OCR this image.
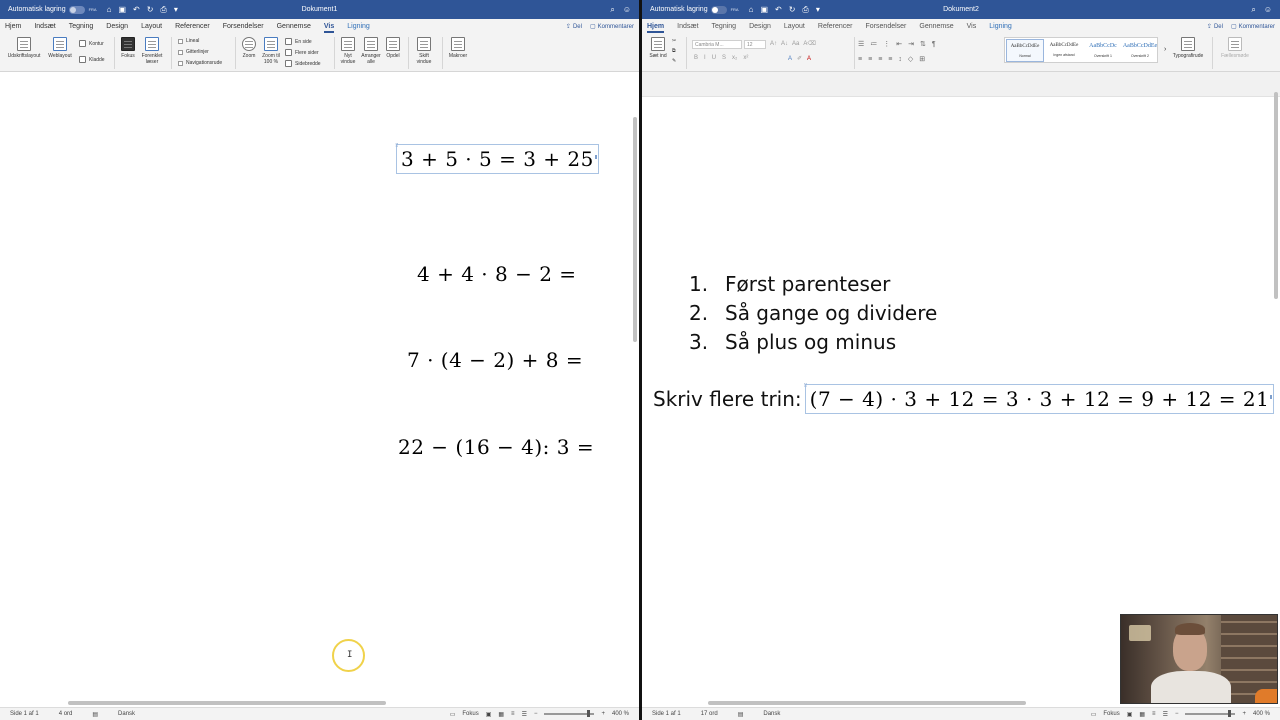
Automatisk lagring	FRA ⌂ ▣ ↶ ↻ ⎙ ▾	Dokument1	⌕ ☺
Hjem Indsæt Tegning Design Layout Referencer Forsendelser Gennemse Vis Ligning	⇪ Del ▢ Kommentarer
Udskriftslayout Weblayout
Kontur
Kladde
Fokus	Forenklet læser
Lineal
Gitterlinjer
Navigationsrude
Zoom	Zoom til 100 %
En side
Flere sider
Sidebredde
Nyt vindue
Arranger alle
Opdel	Skift vindue
Makroer
⠿
3 + 5 · 5 = 3 + 25
4 + 4 · 8 − 2 =
7 · (4 − 2) + 8 =
22 − (16 − 4): 3 =
Side 1 af 1	4 ord	▤	Dansk	▭ Fokus ▣ ▦ ≡ ☰ −	+ 400 %
I
Automatisk lagring	FRA ⌂ ▣ ↶ ↻ ⎙ ▾	Dokument2	⌕ ☺
Hjem Indsæt Tegning Design Layout Referencer Forsendelser Gennemse Vis Ligning	⇪ Del ▢ Kommentarer
Sæt ind
✂
⧉
✎
Cambria M...	12
B I U S x₂ x²
A↑ A↓ Aa A⌫
A ✐ A
☰ ≔ ⋮ ⇤ ⇥ ⇅ ¶
≡ ≡ ≡ ≡ ↕ ◇ ⊞
AaBbCcDdEe
Normal
AaBbCcDdEe
Ingen afstand
AaBbCcDc
Overskrift 1
AaBbCcDdEe
Overskrift 2
›
Typografirude	Fællesmøde
1. Først parenteser
2. Så gange og dividere
3. Så plus og minus
Skriv flere trin:
⠿
(7 − 4) · 3 + 12 = 3 · 3 + 12 = 9 + 12 = 21
Side 1 af 1	17 ord	▤	Dansk	▭ Fokus ▣ ▦ ≡ ☰ −	+ 400 %
